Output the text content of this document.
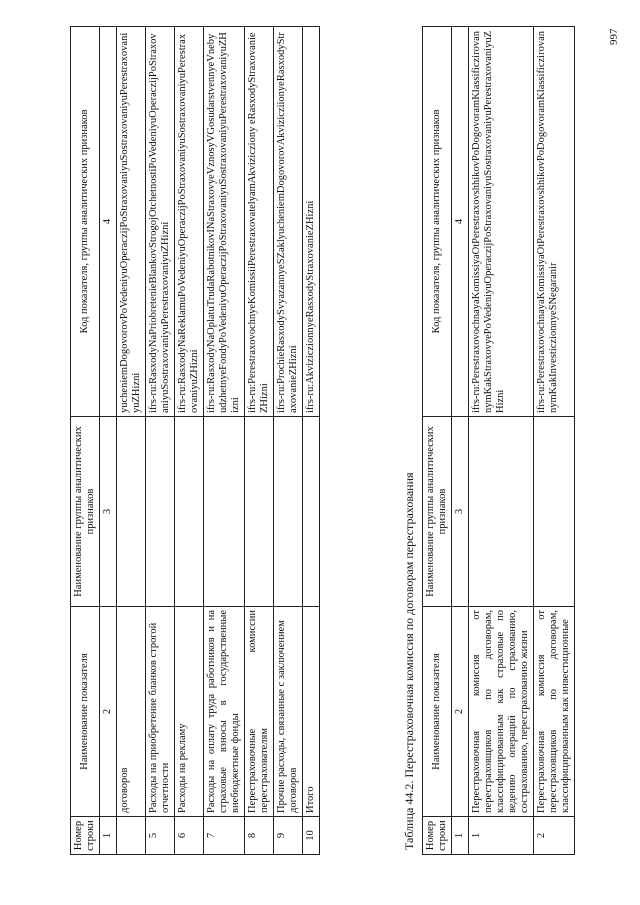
Номер строки	Наименование показателя	Наименование группы аналитических признаков	Код показателя, группы аналитических признаков
1	2	3	4
	договоров		yucheniemDogovorovPoVedeniyuOperaczijPoStraxovaniyuSostraxovaniyuPerestraxovaniyuZHizni
5	Расходы на приобретение бланков строгой отчетности		ifrs-ru:RasxodyNaPriobretenieBlankovStrogojOtchetnostiPoVedeniyuOperaczijPoStraxovaniyuSostraxovaniyuPerestraxovaniyuZHizni
6	Расходы на рекламу		ifrs-ru:RasxodyNaReklamuPoVedeniyuOperaczijPoStraxovaniyuSostraxovaniyuPerestraxovaniyuZHizni
7	Расходы на оплату труда работников и на страховые взносы в государственные внебюджетные фонды		ifrs-ru:RasxodyNaOplatuTrudaRabotnikovINaStraxovyeVznosyVGosudarstvennyeVnebyudzhetnyeFondyPoVedeniyuOperaczijPoStraxovaniyuSostraxovaniyuPerestraxovaniyuZHizni
8	Перестраховочные комиссии перестрахователям		ifrs-ru:PerestraxovochnyeKomissiiPerestraxovatelyamAkvizicziony eRasxodyStraxovanieZHizni
9	Прочие расходы, связанные с заключением договоров		ifrs-ru:ProchieRasxodySvyazannyeSZaklyucheniemDogovorovAkvizicziionyeRasxodyStraxovanieZHizni
10	Итого		ifrs-ru:AkviziczionnyeRasxodyStraxovanieZHizni
Таблица 44.2. Перестраховочная комиссия по договорам перестрахования Номер строки	Наименование показателя	Наименование группы аналитических признаков	Код показателя, группы аналитических признаков
1	2	3	4
1	Перестраховочная комиссия от перестраховщиков по договорам, классифицированным как страховые по ведению операций по страхованию, сострахованию, перестрахованию жизни		ifrs-ru:PerestraxovochnayaKomissiyaOtPerestraxovshhikovPoDogovoramKlassificzirovannymKakStraxovyePoVedeniyuOperaczijPoStraxovaniyuSostraxovaniyuPerestraxovaniyuZHizni
2	Перестраховочная комиссия от перестраховщиков по договорам, классифицированным как инвестиционные		ifrs-ru:PerestraxovochnayaKomissiyaOtPerestraxovshhikovPoDogovoramKlassificzirovannymKakInvesticzionnyeSNegaranir
997
